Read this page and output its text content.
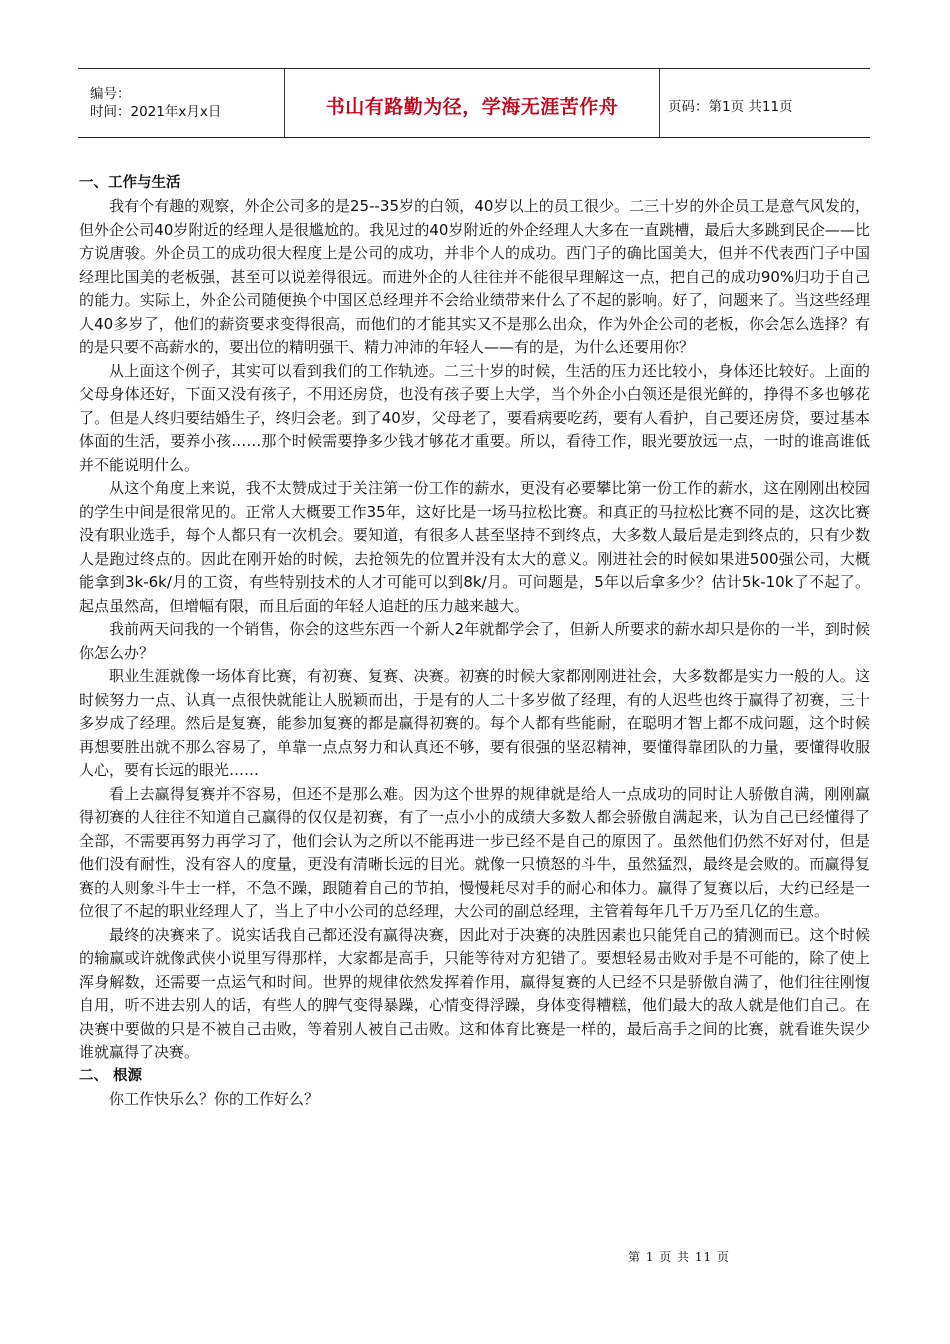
编号：
时间：2021年x月x日	书山有路勤为径，学海无涯苦作舟	页码：第1页 共11页
一、工作与生活

我有个有趣的观察，外企公司多的是25--35岁的白领，40岁以上的员工很少。二三十岁的外企员工是意气风发的，但外企公司40岁附近的经理人是很尴尬的。我见过的40岁附近的外企经理人大多在一直跳槽，最后大多跳到民企——比方说唐骏。外企员工的成功很大程度上是公司的成功，并非个人的成功。西门子的确比国美大，但并不代表西门子中国经理比国美的老板强，甚至可以说差得很远。而进外企的人往往并不能很早理解这一点，把自己的成功90%归功于自己的能力。实际上，外企公司随便换个中国区总经理并不会给业绩带来什么了不起的影响。好了，问题来了。当这些经理人40多岁了，他们的薪资要求变得很高，而他们的才能其实又不是那么出众，作为外企公司的老板，你会怎么选择？有的是只要不高薪水的，要出位的精明强干、精力冲沛的年轻人——有的是，为什么还要用你？

从上面这个例子，其实可以看到我们的工作轨迹。二三十岁的时候，生活的压力还比较小，身体还比较好。上面的父母身体还好，下面又没有孩子，不用还房贷，也没有孩子要上大学，当个外企小白领还是很光鲜的，挣得不多也够花了。但是人终归要结婚生子，终归会老。到了40岁，父母老了，要看病要吃药，要有人看护，自己要还房贷，要过基本体面的生活，要养小孩……那个时候需要挣多少钱才够花才重要。所以，看待工作，眼光要放远一点，一时的谁高谁低并不能说明什么。

从这个角度上来说，我不太赞成过于关注第一份工作的薪水，更没有必要攀比第一份工作的薪水，这在刚刚出校园的学生中间是很常见的。正常人大概要工作35年，这好比是一场马拉松比赛。和真正的马拉松比赛不同的是，这次比赛没有职业选手，每个人都只有一次机会。要知道，有很多人甚至坚持不到终点，大多数人最后是走到终点的，只有少数人是跑过终点的。因此在刚开始的时候，去抢领先的位置并没有太大的意义。刚进社会的时候如果进500强公司，大概能拿到3k-6k/月的工资，有些特别技术的人才可能可以到8k/月。可问题是，5年以后拿多少？估计5k-10k了不起了。起点虽然高，但增幅有限，而且后面的年轻人追赶的压力越来越大。

我前两天问我的一个销售，你会的这些东西一个新人2年就都学会了，但新人所要求的薪水却只是你的一半，到时候你怎么办？

职业生涯就像一场体育比赛，有初赛、复赛、决赛。初赛的时候大家都刚刚进社会，大多数都是实力一般的人。这时候努力一点、认真一点很快就能让人脱颖而出，于是有的人二十多岁做了经理，有的人迟些也终于赢得了初赛，三十多岁成了经理。然后是复赛，能参加复赛的都是赢得初赛的。每个人都有些能耐，在聪明才智上都不成问题，这个时候再想要胜出就不那么容易了，单靠一点点努力和认真还不够，要有很强的坚忍精神，要懂得靠团队的力量，要懂得收服人心，要有长远的眼光……

看上去赢得复赛并不容易，但还不是那么难。因为这个世界的规律就是给人一点成功的同时让人骄傲自满，刚刚赢得初赛的人往往不知道自己赢得的仅仅是初赛，有了一点小小的成绩大多数人都会骄傲自满起来，认为自己已经懂得了全部，不需要再努力再学习了，他们会认为之所以不能再进一步已经不是自己的原因了。虽然他们仍然不好对付，但是他们没有耐性，没有容人的度量，更没有清晰长远的目光。就像一只愤怒的斗牛，虽然猛烈，最终是会败的。而赢得复赛的人则象斗牛士一样，不急不躁，跟随着自己的节拍，慢慢耗尽对手的耐心和体力。赢得了复赛以后，大约已经是一位很了不起的职业经理人了，当上了中小公司的总经理，大公司的副总经理，主管着每年几千万乃至几亿的生意。

最终的决赛来了。说实话我自己都还没有赢得决赛，因此对于决赛的决胜因素也只能凭自己的猜测而已。这个时候的输赢或许就像武侠小说里写得那样，大家都是高手，只能等待对方犯错了。要想轻易击败对手是不可能的，除了使上浑身解数，还需要一点运气和时间。世界的规律依然发挥着作用，赢得复赛的人已经不只是骄傲自满了，他们往往刚愎自用，听不进去别人的话，有些人的脾气变得暴躁，心情变得浮躁，身体变得糟糕，他们最大的敌人就是他们自己。在决赛中要做的只是不被自己击败，等着别人被自己击败。这和体育比赛是一样的，最后高手之间的比赛，就看谁失误少谁就赢得了决赛。

二、 根源

你工作快乐么？你的工作好么？

第 1 页 共 11 页
